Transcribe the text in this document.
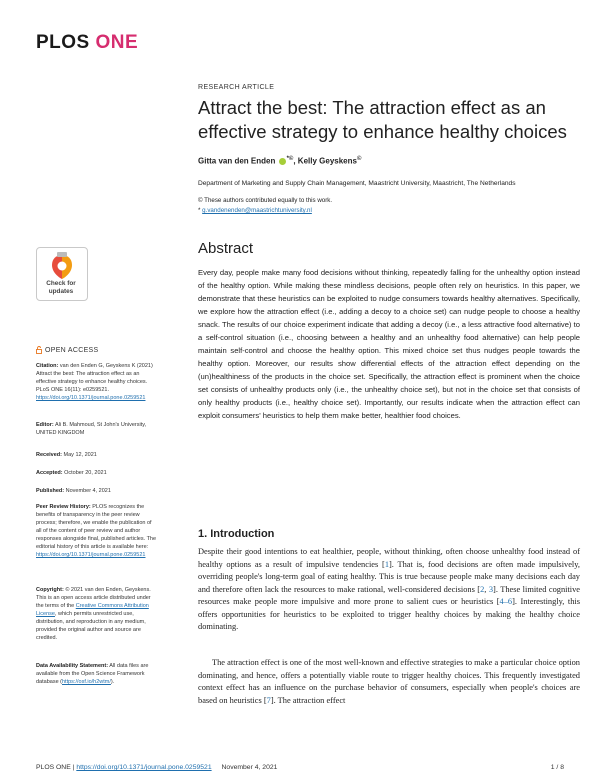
PLOS ONE
RESEARCH ARTICLE
Attract the best: The attraction effect as an effective strategy to enhance healthy choices
Gitta van den Enden *©, Kelly Geyskens©
Department of Marketing and Supply Chain Management, Maastricht University, Maastricht, The Netherlands
© These authors contributed equally to this work.
* g.vandenenden@maastrichtuniversity.nl
Abstract
Every day, people make many food decisions without thinking, repeatedly falling for the unhealthy option instead of the healthy option. While making these mindless decisions, people often rely on heuristics. In this paper, we demonstrate that these heuristics can be exploited to nudge consumers towards healthy alternatives. Specifically, we explore how the attraction effect (i.e., adding a decoy to a choice set) can nudge people to choose a healthy snack. The results of our choice experiment indicate that adding a decoy (i.e., a less attractive food alternative) to a self-control situation (i.e., choosing between a healthy and an unhealthy food alternative) can help people maintain self-control and choose the healthy option. This mixed choice set thus nudges people towards the healthy option. Moreover, our results show differential effects of the attraction effect depending on the (un)healthiness of the products in the choice set. Specifically, the attraction effect is prominent when the choice set consists of unhealthy products only (i.e., the unhealthy choice set), but not in the choice set that consists of only healthy products (i.e., healthy choice set). Importantly, our results indicate when the attraction effect can exploit consumers' heuristics to help them make better, healthier food choices.
Check for
updates
OPEN ACCESS
Citation: van den Enden G, Geyskens K (2021) Attract the best: The attraction effect as an effective strategy to enhance healthy choices. PLoS ONE 16(11): e0259521. https://doi.org/10.1371/journal.pone.0259521
Editor: Ali B. Mahmoud, St John's University, UNITED KINGDOM
Received: May 12, 2021
Accepted: October 20, 2021
Published: November 4, 2021
Peer Review History: PLOS recognizes the benefits of transparency in the peer review process; therefore, we enable the publication of all of the content of peer review and author responses alongside final, published articles. The editorial history of this article is available here: https://doi.org/10.1371/journal.pone.0259521
Copyright: © 2021 van den Enden, Geyskens. This is an open access article distributed under the terms of the Creative Commons Attribution License, which permits unrestricted use, distribution, and reproduction in any medium, provided the original author and source are credited.
Data Availability Statement: All data files are available from the Open Science Framework database (https://osf.io/h2wtm/).
1. Introduction
Despite their good intentions to eat healthier, people, without thinking, often choose unhealthy food instead of healthy options as a result of impulsive tendencies [1]. That is, food decisions are often made impulsively, overriding people's long-term goal of eating healthy. This is true because people make many decisions each day and therefore often lack the resources to make rational, well-considered decisions [2, 3]. These limited cognitive resources make people more impulsive and more prone to salient cues or heuristics [4–6]. Interestingly, this offers opportunities for heuristics to be exploited to trigger healthy choices by making the healthy choice dominating.
The attraction effect is one of the most well-known and effective strategies to make a particular choice option dominating, and hence, offers a potentially viable route to trigger healthy choices. This frequently investigated context effect has an influence on the purchase behavior of consumers, especially when people's choices are based on heuristics [7]. The attraction effect
PLOS ONE | https://doi.org/10.1371/journal.pone.0259521 November 4, 2021	1 / 8
